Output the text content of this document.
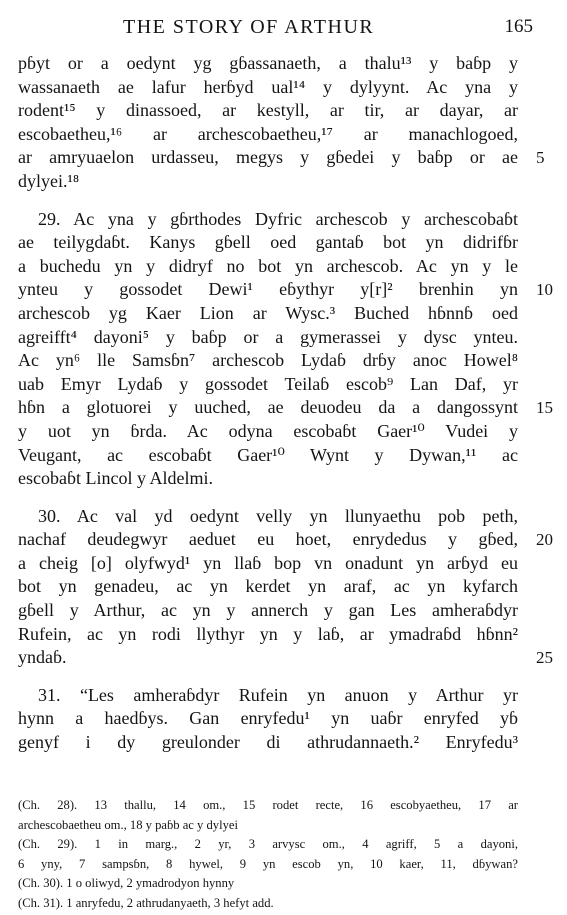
THE STORY OF ARTHUR	165
pɓyt or a oedynt yg gɓassanaeth, a thalu¹³ y baɓp y
wassanaeth ae lafur herɓyd ual¹⁴ y dylyynt. Ac yna y
rodent¹⁵ y dinassoed, ar kestyll, ar tir, ar dayar, ar
escobaetheu,¹⁶ ar archescobaetheu,¹⁷ ar manachlogoed,
ar amryuaelon urdasseu, megys y gɓedei y baɓp or ae 5
dylyei.¹⁸
29. Ac yna y gɓrthodes Dyfric archescob y archescobaɓt
ae teilygdaɓt. Kanys gɓell oed gantaɓ bot yn didrifɓr
a buchedu yn y didryf no bot yn archescob. Ac yn y le
ynteu y gossodet Dewi¹ eɓythyr y[r]² brenhin yn 10
archescob yg Kaer Lion ar Wysc.³ Buched hɓnnɓ oed
agreifft⁴ dayoni⁵ y baɓp or a gymerassei y dysc ynteu.
Ac yn⁶ lle Samsɓn⁷ archescob Lydaɓ drɓy anoc Howel⁸
uab Emyr Lydaɓ y gossodet Teilaɓ escob⁹ Lan Daf, yr
hɓn a glotuorei y uuched, ae deuodeu da a dangossynt 15
y uot yn ɓrda. Ac odyna escobaɓt Gaer¹⁰ Vudei y
Veugant, ac escobaɓt Gaer¹⁰ Wynt y Dywan,¹¹ ac
escobaɓt Lincol y Aldelmi.
30. Ac val yd oedynt velly yn llunyaethu pob peth,
nachaf deudegwyr aeduet eu hoet, enrydedus y gɓed, 20
a cheig [o] olyfwyd¹ yn llaɓ bop vn onadunt yn arɓyd eu
bot yn genadeu, ac yn kerdet yn araf, ac yn kyfarch
gɓell y Arthur, ac yn y annerch y gan Les amheraɓdyr
Rufein, ac yn rodi llythyr yn y laɓ, ar ymadraɓd hɓnn²
yndaɓ.	25
31. “Les amheraɓdyr Rufein yn anuon y Arthur yr
hynn a haedɓys. Gan enryfedu¹ yn uaɓr enryfed yɓ
genyf i dy greulonder di athrudannaeth.² Enryfedu³
(Ch. 28). 13 thallu, 14 om., 15 rodet recte, 16 escobyaetheu, 17 ar
archescobaetheu om., 18 y paɓb ac y dylyei
(Ch. 29). 1 in marg., 2 yr, 3 arvysc om., 4 agriff, 5 a dayoni,
6 yny, 7 sampsɓn, 8 hywel, 9 yn escob yn, 10 kaer, 11, dɓywan?
(Ch. 30). 1 o oliwyd, 2 ymadrodyon hynny
(Ch. 31). 1 anryfedu, 2 athrudanyaeth, 3 hefyt add.
